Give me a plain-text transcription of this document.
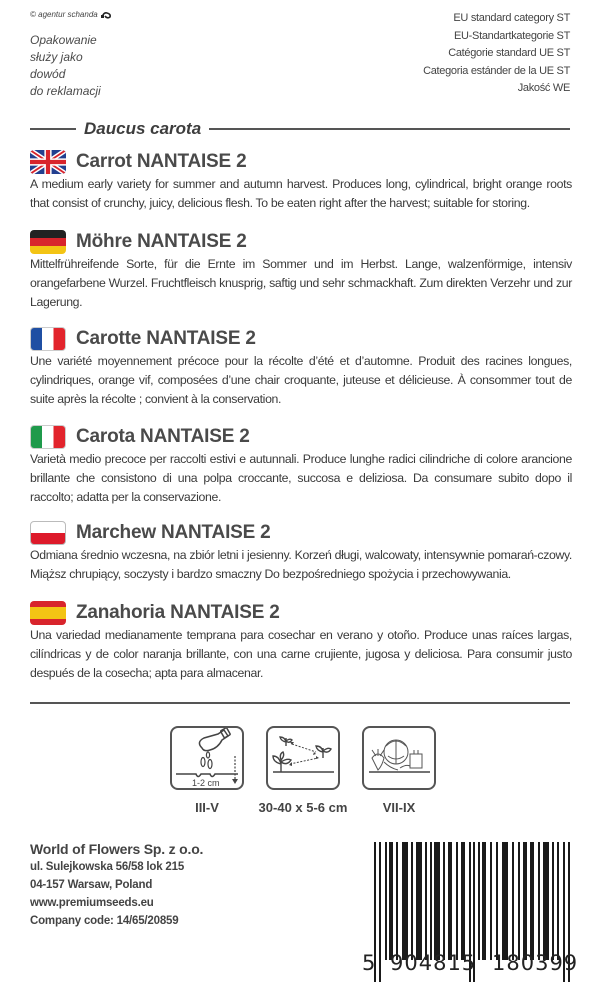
© agentur schanda
Opakowanie
służy jako
dowód
do reklamacji
EU standard category ST
EU-Standartkategorie ST
Catégorie standard UE ST
Categoria estánder de la UE ST
Jakość WE
Daucus carota
Carrot NANTAISE 2
A medium early variety for summer and autumn harvest. Produces long, cylindrical, bright orange roots that consist of crunchy, juicy, delicious flesh. To be eaten right after the harvest; suitable for storing.
Möhre NANTAISE 2
Mittelfrühreifende Sorte, für die Ernte im Sommer und im Herbst. Lange, walzenförmige, intensiv orangefarbene Wurzel. Fruchtfleisch knusprig, saftig und sehr schmackhaft. Zum direkten Verzehr und zur Lagerung.
Carotte NANTAISE 2
Une variété moyennement précoce pour la récolte d’été et d’automne. Produit des racines longues, cylindriques, orange vif, composées d’une chair croquante, juteuse et délicieuse. À consommer tout de suite après la récolte ; convient à la conservation.
Carota NANTAISE 2
Varietà medio precoce per raccolti estivi e autunnali. Produce lunghe radici cilindriche di colore arancione brillante che consistono di una polpa croccante, succosa e deliziosa. Da consumare subito dopo il raccolto; adatta per la conservazione.
Marchew NANTAISE 2
Odmiana średnio wczesna, na zbiór letni i jesienny. Korzeń długi, walcowaty, intensywnie pomarań-czowy. Miąższ chrupiący, soczysty i bardzo smaczny Do bezpośredniego spożycia i przechowywania.
Zanahoria NANTAISE 2
Una variedad medianamente temprana para cosechar en verano y otoño. Produce unas raíces largas, cilíndricas y de color naranja brillante, con una carne crujiente, jugosa y deliciosa. Para consumir justo después de la cosecha; apta para almacenar.
1-2 cm
III-V	30-40 x 5-6 cm	VII-IX
World of Flowers Sp. z o.o.
ul. Sulejkowska 56/58 lok 215
04-157 Warsaw, Poland
www.premiumseeds.eu
Company code: 14/65/20859
5 904815 180399
